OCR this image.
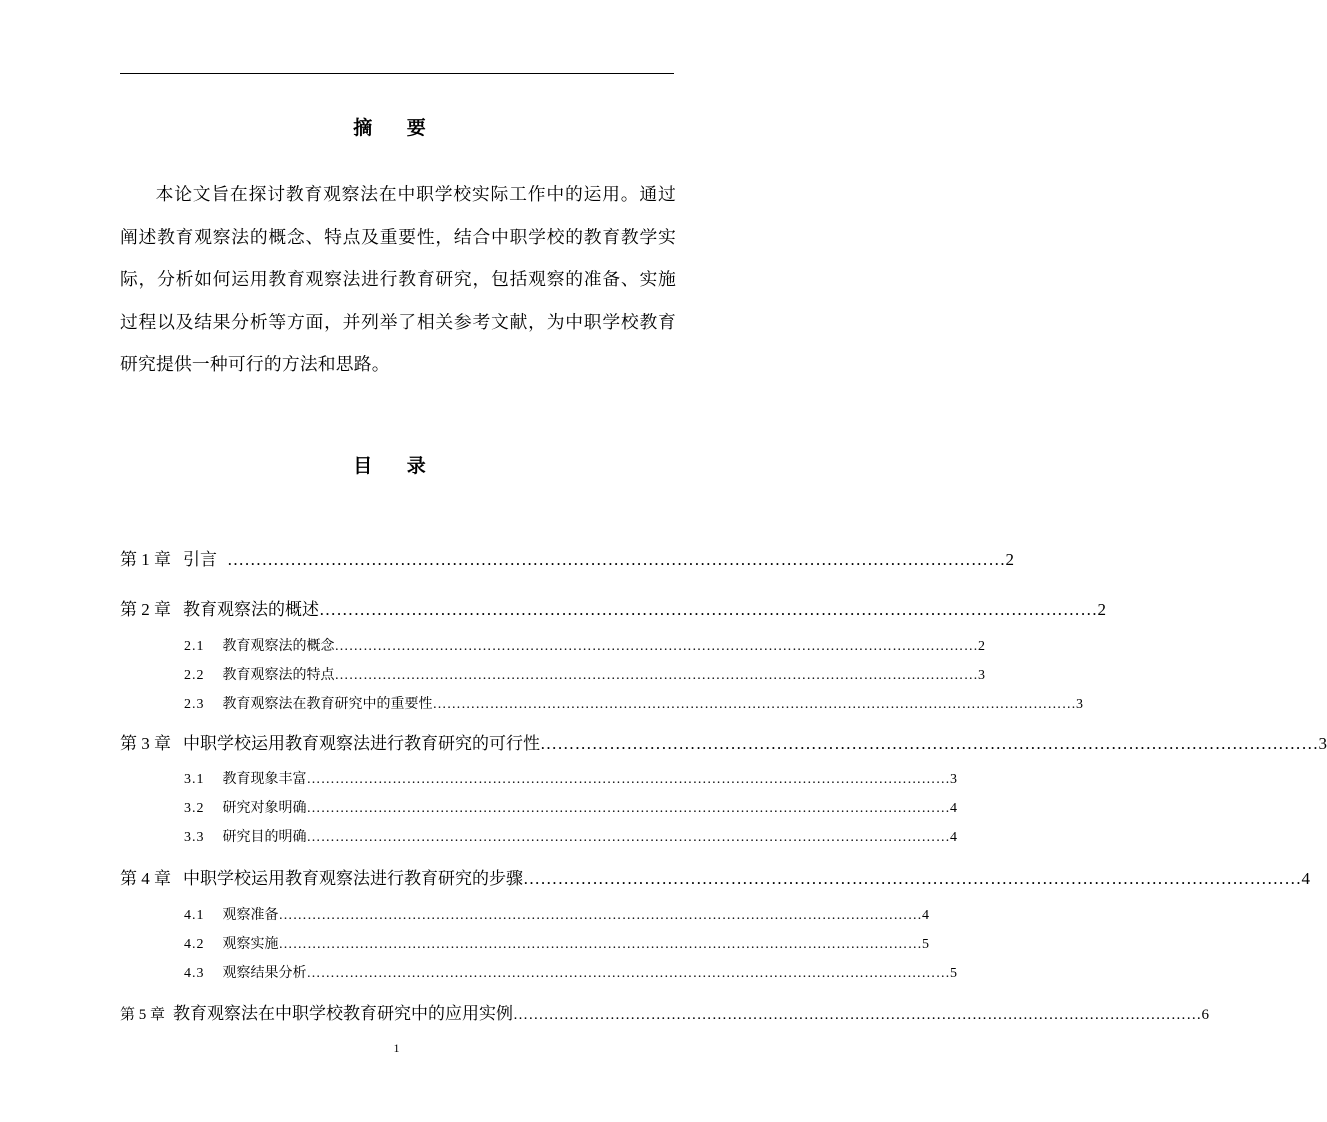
摘 要

本论文旨在探讨教育观察法在中职学校实际工作中的运用。通过阐述教育观察法的概念、特点及重要性，结合中职学校的教育教学实际，分析如何运用教育观察法进行教育研究，包括观察的准备、实施过程以及结果分析等方面，并列举了相关参考文献，为中职学校教育研究提供一种可行的方法和思路。

目 录
第 1 章 引言 ……………………………………………………………………………………………………………………… 2
第 2 章 教育观察法的概述 ……………………………………………………………………………………………………………………… 2
2.1 教育观察法的概念 ……………………………………………………………………………………………………………………… 2
2.2 教育观察法的特点 ……………………………………………………………………………………………………………………… 3
2.3 教育观察法在教育研究中的重要性 ……………………………………………………………………………………………………………………… 3
第 3 章 中职学校运用教育观察法进行教育研究的可行性 ……………………………………………………………………………………………………………………… 3
3.1 教育现象丰富 ……………………………………………………………………………………………………………………… 3
3.2 研究对象明确 ……………………………………………………………………………………………………………………… 4
3.3 研究目的明确 ……………………………………………………………………………………………………………………… 4
第 4 章 中职学校运用教育观察法进行教育研究的步骤 ……………………………………………………………………………………………………………………… 4
4.1 观察准备 ……………………………………………………………………………………………………………………… 4
4.2 观察实施 ……………………………………………………………………………………………………………………… 5
4.3 观察结果分析 ……………………………………………………………………………………………………………………… 5
第 5 章 教育观察法在中职学校教育研究中的应用实例 ……………………………………………………………………………………………………………………… 6
1
